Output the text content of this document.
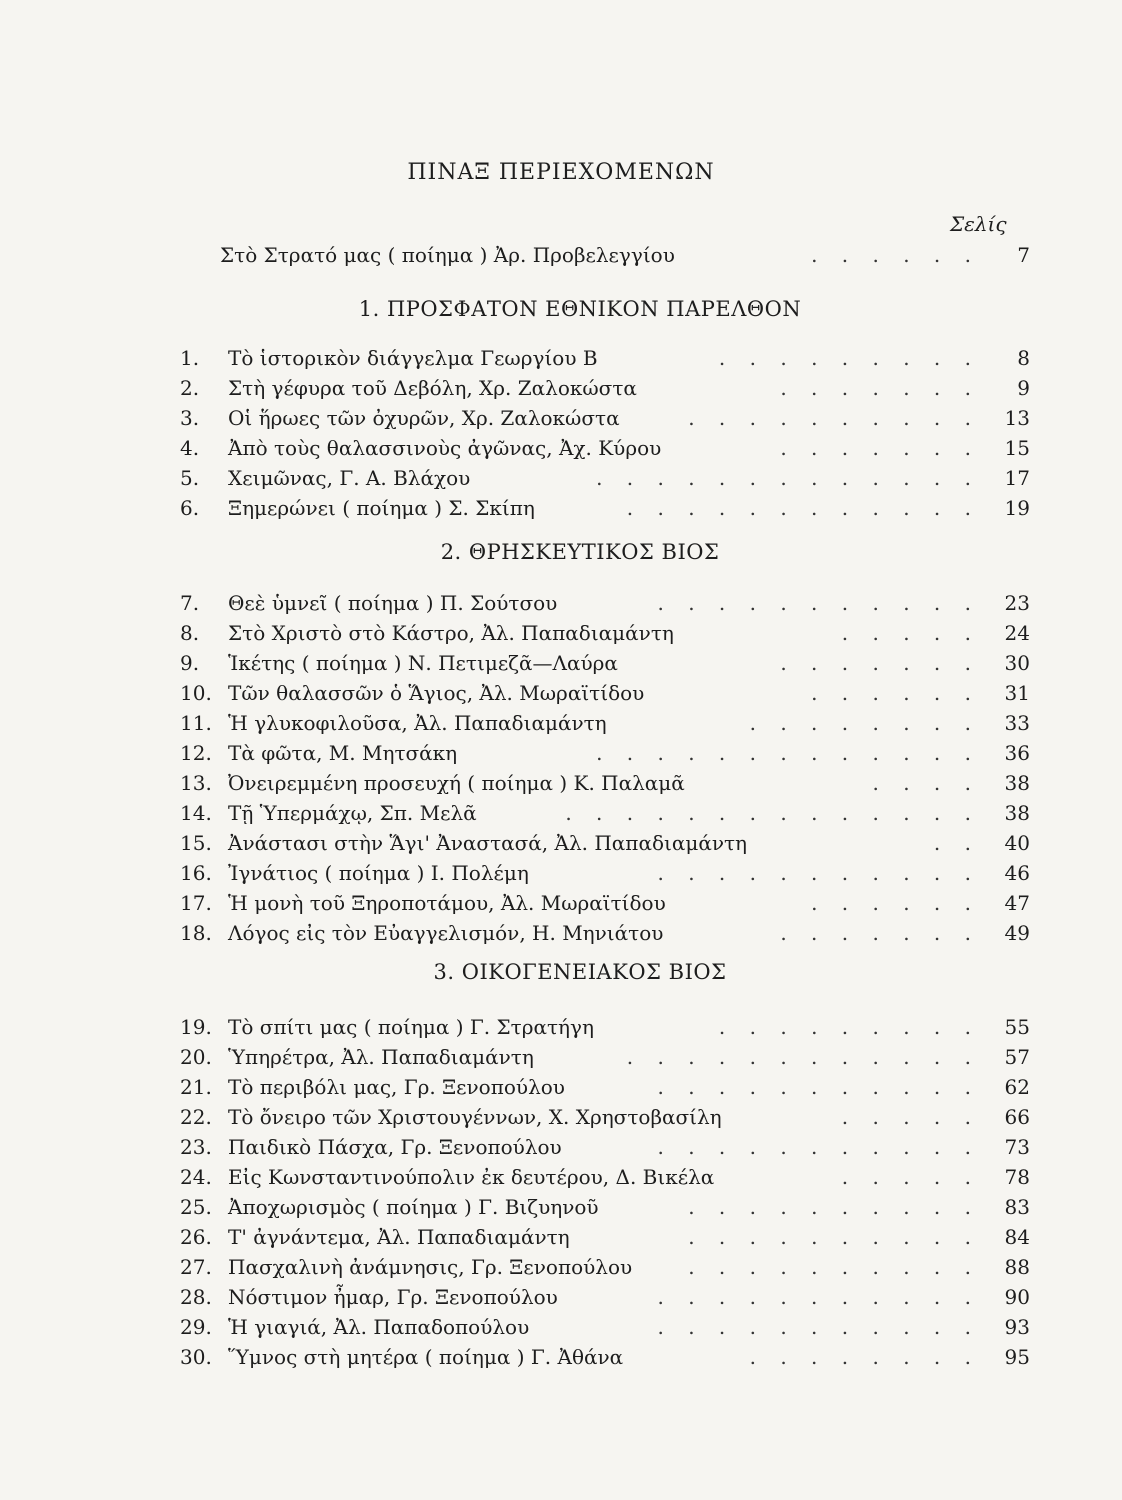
ΠΙΝΑΞ ΠΕΡΙΕΧΟΜΕΝΩΝ
Σελίς
Στὸ Στρατό μας ( ποίημα ) Ἀρ. Προβελεγγίου	. . . . . .	7
1. ΠΡΟΣΦΑΤΟΝ ΕΘΝΙΚΟΝ ΠΑΡΕΛΘΟΝ
1.	Τὸ ἱστορικὸν διάγγελμα Γεωργίου Β	. . . . . . . . .	8
2.	Στὴ γέφυρα τοῦ Δεβόλη, Χρ. Ζαλοκώστα	. . . . . . .	9
3.	Οἱ ἥρωες τῶν ὀχυρῶν, Χρ. Ζαλοκώστα	. . . . . . . . . .	13
4.	Ἀπὸ τοὺς θαλασσινοὺς ἀγῶνας, Ἀχ. Κύρου	. . . . . . .	15
5.	Χειμῶνας, Γ. Α. Βλάχου	. . . . . . . . . . . . .	17
6.	Ξημερώνει ( ποίημα ) Σ. Σκίπη	. . . . . . . . . . . .	19
2. ΘΡΗΣΚΕΥΤΙΚΟΣ ΒΙΟΣ
7.	Θεὲ ὑμνεῖ ( ποίημα ) Π. Σούτσου	. . . . . . . . . . .	23
8.	Στὸ Χριστὸ στὸ Κάστρο, Ἀλ. Παπαδιαμάντη	. . . . .	24
9.	Ἱκέτης ( ποίημα ) Ν. Πετιμεζᾶ—Λαύρα	. . . . . . .	30
10. Τῶν θαλασσῶν ὁ Ἅγιος, Ἀλ. Μωραϊτίδου	. . . . . .	31
11. Ἡ γλυκοφιλοῦσα, Ἀλ. Παπαδιαμάντη	. . . . . . . .	33
12. Τὰ φῶτα, Μ. Μητσάκη	. . . . . . . . . . . . .	36
13. Ὀνειρεμμένη προσευχή ( ποίημα ) Κ. Παλαμᾶ	. . . .	38
14. Τῇ Ὑπερμάχῳ, Σπ. Μελᾶ	. . . . . . . . . . . . . .	38
15. Ἀνάστασι στὴν Ἅγι' Ἀναστασά, Ἀλ. Παπαδιαμάντη	. .	40
16. Ἰγνάτιος ( ποίημα ) Ι. Πολέμη	. . . . . . . . . . .	46
17. Ἡ μονὴ τοῦ Ξηροποτάμου, Ἀλ. Μωραϊτίδου	. . . . . .	47
18. Λόγος εἰς τὸν Εὐαγγελισμόν, Η. Μηνιάτου	. . . . . . .	49
3. ΟΙΚΟΓΕΝΕΙΑΚΟΣ ΒΙΟΣ
19. Τὸ σπίτι μας ( ποίημα ) Γ. Στρατήγη	. . . . . . . . .	55
20. Ὑπηρέτρα, Ἀλ. Παπαδιαμάντη	. . . . . . . . . . . .	57
21. Τὸ περιβόλι μας, Γρ. Ξενοπούλου	. . . . . . . . . . .	62
22. Τὸ ὄνειρο τῶν Χριστουγέννων, Χ. Χρηστοβασίλη	. . . . .	66
23. Παιδικὸ Πάσχα, Γρ. Ξενοπούλου	. . . . . . . . . . .	73
24. Εἰς Κωνσταντινούπολιν ἐκ δευτέρου, Δ. Βικέλα	. . . . .	78
25. Ἀποχωρισμὸς ( ποίημα ) Γ. Βιζυηνοῦ	. . . . . . . . . .	83
26. Τ' ἀγνάντεμα, Ἀλ. Παπαδιαμάντη	. . . . . . . . . .	84
27. Πασχαλινὴ ἀνάμνησις, Γρ. Ξενοπούλου	. . . . . . . . . .	88
28. Νόστιμον ἦμαρ, Γρ. Ξενοπούλου	. . . . . . . . . . .	90
29. Ἡ γιαγιά, Ἀλ. Παπαδοπούλου	. . . . . . . . . . .	93
30. Ὕμνος στὴ μητέρα ( ποίημα ) Γ. Ἀθάνα	. . . . . . . .	95
